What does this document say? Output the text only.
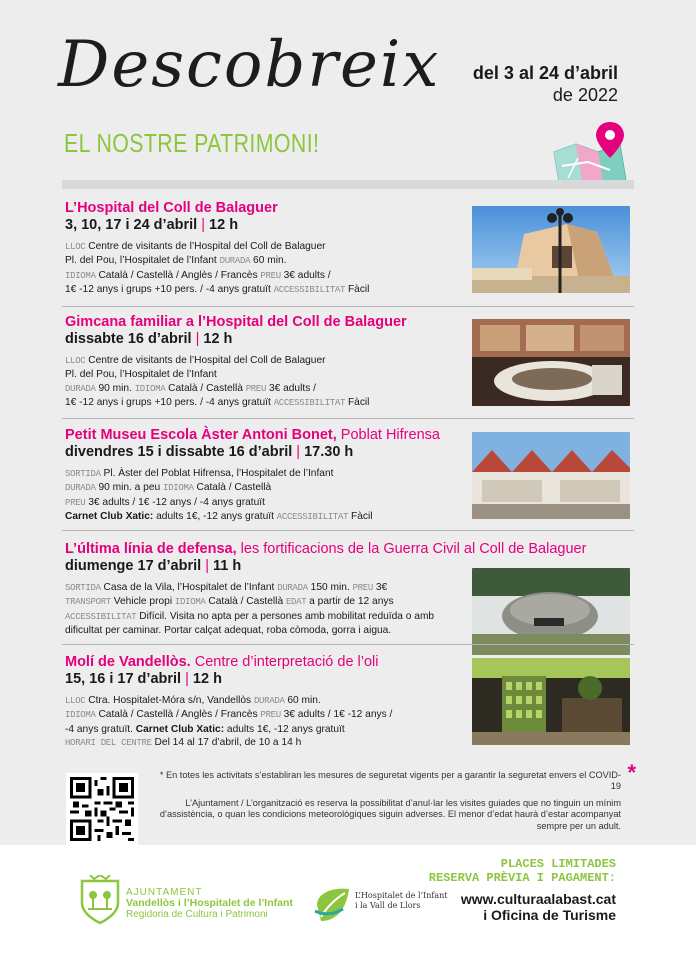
Descobreix
EL NOSTRE PATRIMONI!
del 3 al 24 d’abril
de 2022
L’Hospital del Coll de Balaguer
3, 10, 17 i 24 d’abril | 12 h
LLOC Centre de visitants de l’Hospital del Coll de Balaguer
Pl. del Pou, l’Hospitalet de l’Infant DURADA 60 min.
IDIOMA Català / Castellà / Anglès / Francès PREU 3€ adults /
1€ -12 anys i grups +10 pers. / -4 anys gratuït ACCESSIBILITAT Fàcil
Gimcana familiar a l’Hospital del Coll de Balaguer
dissabte 16 d’abril | 12 h
LLOC Centre de visitants de l’Hospital del Coll de Balaguer
Pl. del Pou, l’Hospitalet de l’Infant
DURADA 90 min. IDIOMA Català / Castellà PREU 3€ adults /
1€ -12 anys i grups +10 pers. / -4 anys gratuït ACCESSIBILITAT Fàcil
Petit Museu Escola Àster Antoni Bonet, Poblat Hifrensa
divendres 15 i dissabte 16 d’abril | 17.30 h
SORTIDA Pl. Àster del Poblat Hifrensa, l’Hospitalet de l’Infant
DURADA 90 min. a peu IDIOMA Català / Castellà
PREU 3€ adults / 1€ -12 anys / -4 anys gratuït
Carnet Club Xatic: adults 1€, -12 anys gratuït ACCESSIBILITAT Fàcil
L’última línia de defensa, les fortificacions de la Guerra Civil al Coll de Balaguer
diumenge 17 d’abril | 11 h
SORTIDA Casa de la Vila, l’Hospitalet de l’Infant DURADA 150 min. PREU 3€
TRANSPORT Vehicle propi IDIOMA Català / Castellà EDAT a partir de 12 anys
ACCESSIBILITAT Difícil. Visita no apta per a persones amb mobilitat reduïda o amb
dificultat per caminar. Portar calçat adequat, roba còmoda, gorra i aigua.
Molí de Vandellòs. Centre d’interpretació de l’oli
15, 16 i 17 d’abril | 12 h
LLOC Ctra. Hospitalet-Móra s/n, Vandellòs DURADA 60 min.
IDIOMA Català / Castellà / Anglès / Francès PREU 3€ adults / 1€ -12 anys /
-4 anys gratuït. Carnet Club Xatic: adults 1€, -12 anys gratuït
HORARI DEL CENTRE Del 14 al 17 d’abril, de 10 a 14 h
*

* En totes les activitats s’establiran les mesures de seguretat vigents per a garantir la seguretat envers el COVID-19

L’Ajuntament / L’organització es reserva la possibilitat d’anul·lar les visites guiades que no tinguin un mínim d’assistència, o quan les condicions meteorològiques siguin adverses. El menor d’edat haurà d’estar acompanyat sempre per un adult.

AJUNTAMENT
Vandellòs i l’Hospitalet de l’Infant
Regidoria de Cultura i Patrimoni
L’Hospitalet de l’Infant
i la Vall de Llors
PLACES LIMITADES
RESERVA PRÈVIA I PAGAMENT:
www.culturaalabast.cat
i Oficina de Turisme
